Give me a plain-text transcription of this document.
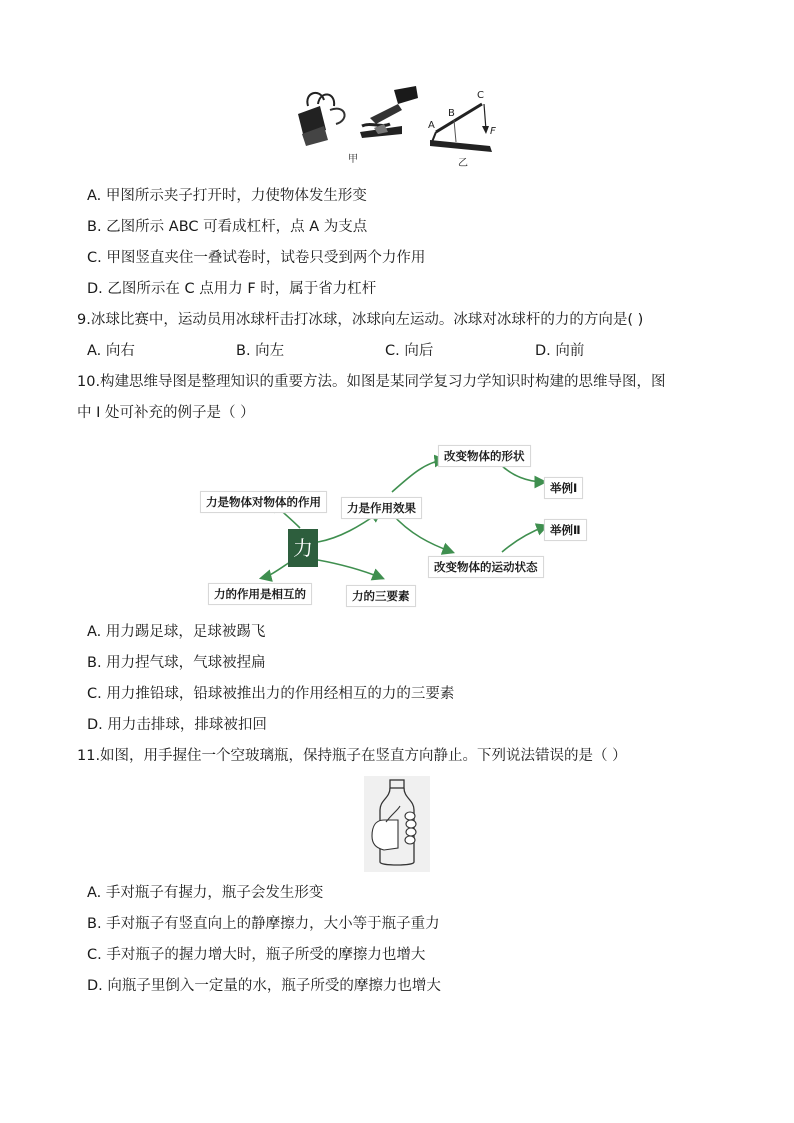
甲
A
B
C
F
乙
A. 甲图所示夹子打开时，力使物体发生形变
B. 乙图所示 ABC 可看成杠杆，点 A 为支点
C. 甲图竖直夹住一叠试卷时，试卷只受到两个力作用
D. 乙图所示在 C 点用力 F 时，属于省力杠杆
9.冰球比赛中，运动员用冰球杆击打冰球，冰球向左运动。冰球对冰球杆的力的方向是( )
A. 向右	B. 向左	C. 向后	D. 向前
10.构建思维导图是整理知识的重要方法。如图是某同学复习力学知识时构建的思维导图，图
中 I 处可补充的例子是（ ）
力
力是物体对物体的作用	力是作用效果
改变物体的形状
举例Ⅰ
举例Ⅱ
改变物体的运动状态
力的作用是相互的	力的三要素
A. 用力踢足球，足球被踢飞
B. 用力捏气球，气球被捏扁
C. 用力推铅球，铅球被推出力的作用经相互的力的三要素
D. 用力击排球，排球被扣回
11.如图，用手握住一个空玻璃瓶，保持瓶子在竖直方向静止。下列说法错误的是（ ）
A. 手对瓶子有握力，瓶子会发生形变
B. 手对瓶子有竖直向上的静摩擦力，大小等于瓶子重力
C. 手对瓶子的握力增大时，瓶子所受的摩擦力也增大
D. 向瓶子里倒入一定量的水，瓶子所受的摩擦力也增大
